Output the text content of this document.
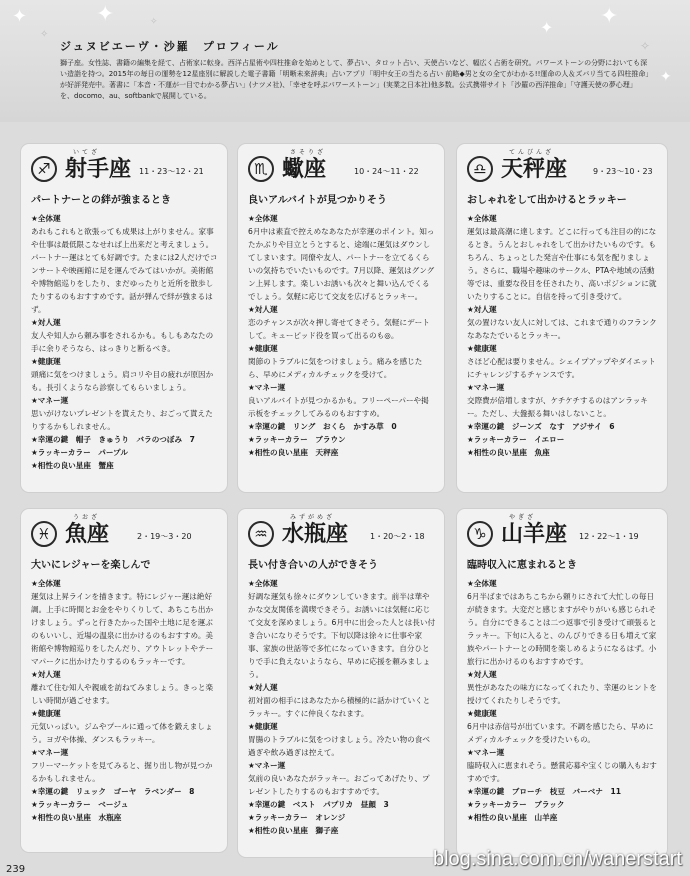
✦
✧
✦	✧	✦ ✦
✧
✦
ジュヌビエーヴ・沙羅　プロフィール
獅子座。女性誌、書籍の編集を経て、占術家に転身。西洋占星術や四柱推命を始めとして、夢占い、タロット占い、天使占いなど、幅広く占術を研究。パワーストーンの分野においても深い造詣を持つ。2015年の毎日の運勢を12星座別に解説した電子書籍「明晰未来辞典」占いアプリ「明中女王の当たる占い 前略◆男と女の全てがわかる!!運命の人＆ズバリ当てる四柱推命」が好評発売中。著書に「本音・不運が一目でわかる夢占い」(ナツメ社)、「幸せを呼ぶパワーストーン」(実業之日本社)他多数。公式携帯サイト「沙羅の西洋推命」「守護天使の夢心理」を、docomo、au、softbankで展開している。
♐
いてざ
射手座 11・23～12・21
パートナーとの絆が強まるとき
★全体運
あれもこれもと欲張っても成果は上がりません。家事や仕事は最低限こなせれば上出来だと考えましょう。パートナー運はとても好調です。たまには2人だけでコンサートや映画館に足を運んでみてはいかが。美術館や博物館巡りをしたり、まだゆったりと近所を散歩したりするのもおすすめです。話が弾んで絆が強まるはず。
★対人運
友人や知人から頼み事をされるかも。もしもあなたの手に余りそうなら、はっきりと断るべき。
★健康運
頭痛に気をつけましょう。肩コリや目の疲れが原因かも。長引くようなら診察してもらいましょう。
★マネー運
思いがけないプレゼントを貰えたり、おごって貰えたりするかもしれません。
★幸運の鍵　帽子　きゅうり　バラのつぼみ　7
★ラッキーカラー　パープル
★相性の良い星座　蟹座
♏
さそりざ
蠍座	10・24～11・22
良いアルバイトが見つかりそう
★全体運
6月中は素直で控えめなあなたが幸運のポイント。知ったかぶりや目立とうとすると、途端に運気はダウンしてしまいます。同僚や友人、パートナーを立てるくらいの気持ちでいたいものです。7月以降、運気はグングン上昇します。楽しいお誘いも次々と舞い込んでくるでしょう。気軽に応じて交友を広げるとラッキー。
★対人運
恋のチャンスが次々押し寄せてきそう。気軽にデートして。キューピッド役を買って出るのも◎。
★健康運
関節のトラブルに気をつけましょう。痛みを感じたら、早めにメディカルチェックを受けて。
★マネー運
良いアルバイトが見つかるかも。フリーペーパーや掲示板をチェックしてみるのもおすすめ。
★幸運の鍵　リング　おくら　かすみ草　0
★ラッキーカラー　ブラウン
★相性の良い星座　天秤座
♎
てんびんざ
天秤座	9・23～10・23
おしゃれをして出かけるとラッキー
★全体運
運気は最高潮に達します。どこに行っても注目の的になるとき。うんとおしゃれをして出かけたいものです。もちろん、ちょっとした発言や仕事にも気を配りましょう。さらに、職場や趣味のサークル、PTAや地域の活動等では、重要な役目を任されたり、高いポジションに就いたりすることに。自信を持って引き受けて。
★対人運
気の置けない友人に対しては、これまで通りのフランクなあなたでいるとラッキー。
★健康運
さほど心配は要りません。シェイプアップやダイエットにチャレンジするチャンスです。
★マネー運
交際費が倍増しますが、ケチケチするのはアンラッキー。ただし、大盤振る舞いはしないこと。
★幸運の鍵　ジーンズ　なす　アジサイ　6
★ラッキーカラー　イエロー
★相性の良い星座　魚座
♓
うおざ
魚座	2・19～3・20
大いにレジャーを楽しんで
★全体運
運気は上昇ラインを描きます。特にレジャー運は絶好調。上手に時間とお金をやりくりして、あちこち出かけましょう。ずっと行きたかった国や土地に足を運ぶのもいいし、近場の温泉に出かけるのもおすすめ。美術館や博物館巡りをしたんだり、アウトレットやテーマパークに出かけたりするのもラッキーです。
★対人運
離れて住む知人や親戚を訪ねてみましょう。きっと楽しい時間が過ごせます。
★健康運
元気いっぱい。ジムやプールに通って体を鍛えましょう。ヨガや体操、ダンスもラッキー。
★マネー運
フリーマーケットを見てみると、掘り出し物が見つかるかもしれません。
★幸運の鍵　リュック　ゴーヤ　ラベンダー　8
★ラッキーカラー　ベージュ
★相性の良い星座　水瓶座
♒
みずがめざ
水瓶座	1・20～2・18
長い付き合いの人ができそう
★全体運
好調な運気も徐々にダウンしていきます。前半は華やかな交友関係を満喫できそう。お誘いには気軽に応じて交友を深めましょう。6月中に出会った人とは長い付き合いになりそうです。下旬以降は徐々に仕事や家事、家族の世話等で多忙になっていきます。自分ひとりで手に負えないようなら、早めに応援を頼みましょう。
★対人運
初対面の相手にはあなたから積極的に話かけていくとラッキー。すぐに仲良くなれます。
★健康運
胃腸のトラブルに気をつけましょう。冷たい物の食べ過ぎや飲み過ぎは控えて。
★マネー運
気前の良いあなたがラッキー。おごってあげたり、プレゼントしたりするのもおすすめです。
★幸運の鍵　ベスト　パプリカ　昼顔　3
★ラッキーカラー　オレンジ
★相性の良い星座　獅子座
♑
やぎざ
山羊座 12・22～1・19
臨時収入に恵まれるとき
★全体運
6月半ばまではあちこちから頼りにされて大忙しの毎日が続きます。大変だと感じますがやりがいも感じられそう。自分にできることは二つ返事で引き受けて頑張るとラッキー。下旬に入ると、のんびりできる日も増えて家族やパートナーとの時間を楽しめるようになるはず。小旅行に出かけるのもおすすめです。
★対人運
異性があなたの味方になってくれたり、幸運のヒントを授けてくれたりしそうです。
★健康運
6月中は赤信号が出ています。不調を感じたら、早めにメディカルチェックを受けたいもの。
★マネー運
臨時収入に恵まれそう。懸賞応募や宝くじの購入もおすすめです。
★幸運の鍵　ブローチ　枝豆　バーベナ　11
★ラッキーカラー　ブラック
★相性の良い星座　山羊座
239	blog.sina.com.cn/wanerstart
